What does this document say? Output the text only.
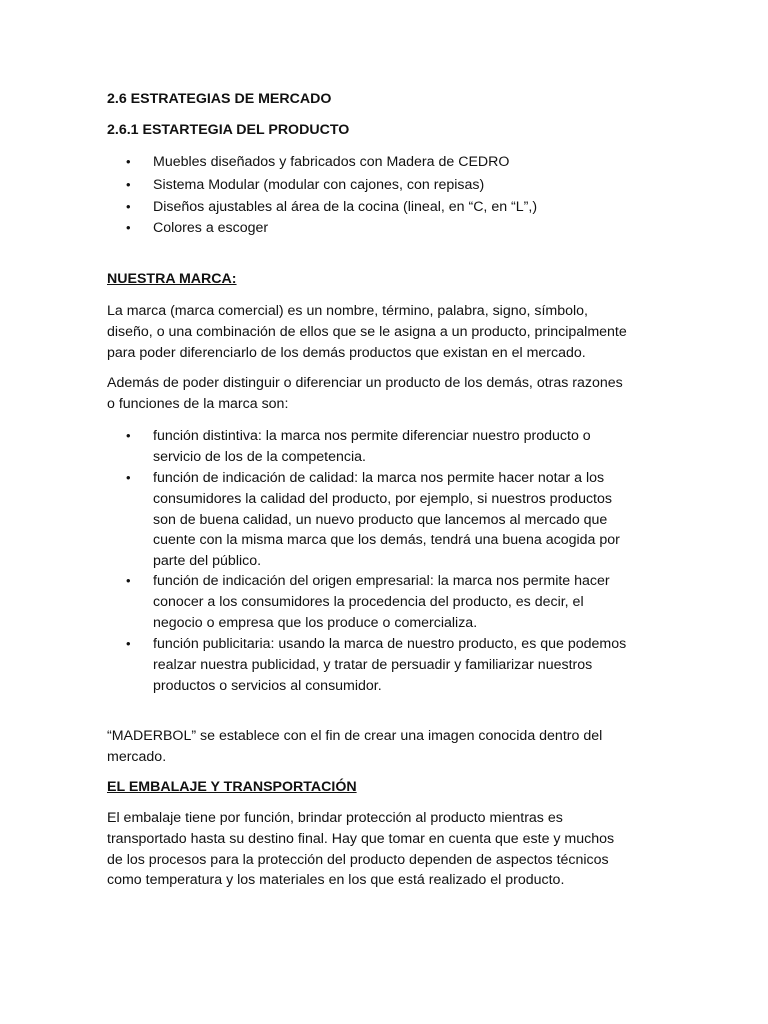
2.6 ESTRATEGIAS DE MERCADO
2.6.1 ESTARTEGIA DEL PRODUCTO
• Muebles diseñados y fabricados con Madera de CEDRO
• Sistema Modular (modular con cajones, con repisas)
• Diseños ajustables al área de la cocina (lineal, en “C, en “L”,)
• Colores a escoger
NUESTRA MARCA:
La marca (marca comercial) es un nombre, término, palabra, signo, símbolo,
diseño, o una combinación de ellos que se le asigna a un producto, principalmente
para poder diferenciarlo de los demás productos que existan en el mercado.
Además de poder distinguir o diferenciar un producto de los demás, otras razones
o funciones de la marca son:
• función distintiva: la marca nos permite diferenciar nuestro producto o
servicio de los de la competencia.
• función de indicación de calidad: la marca nos permite hacer notar a los
consumidores la calidad del producto, por ejemplo, si nuestros productos
son de buena calidad, un nuevo producto que lancemos al mercado que
cuente con la misma marca que los demás, tendrá una buena acogida por
parte del público.
• función de indicación del origen empresarial: la marca nos permite hacer
conocer a los consumidores la procedencia del producto, es decir, el
negocio o empresa que los produce o comercializa.
• función publicitaria: usando la marca de nuestro producto, es que podemos
realzar nuestra publicidad, y tratar de persuadir y familiarizar nuestros
productos o servicios al consumidor.
“MADERBOL” se establece con el fin de crear una imagen conocida dentro del
mercado.
EL EMBALAJE Y TRANSPORTACIÓN
El embalaje tiene por función, brindar protección al producto mientras es
transportado hasta su destino final. Hay que tomar en cuenta que este y muchos
de los procesos para la protección del producto dependen de aspectos técnicos
como temperatura y los materiales en los que está realizado el producto.
